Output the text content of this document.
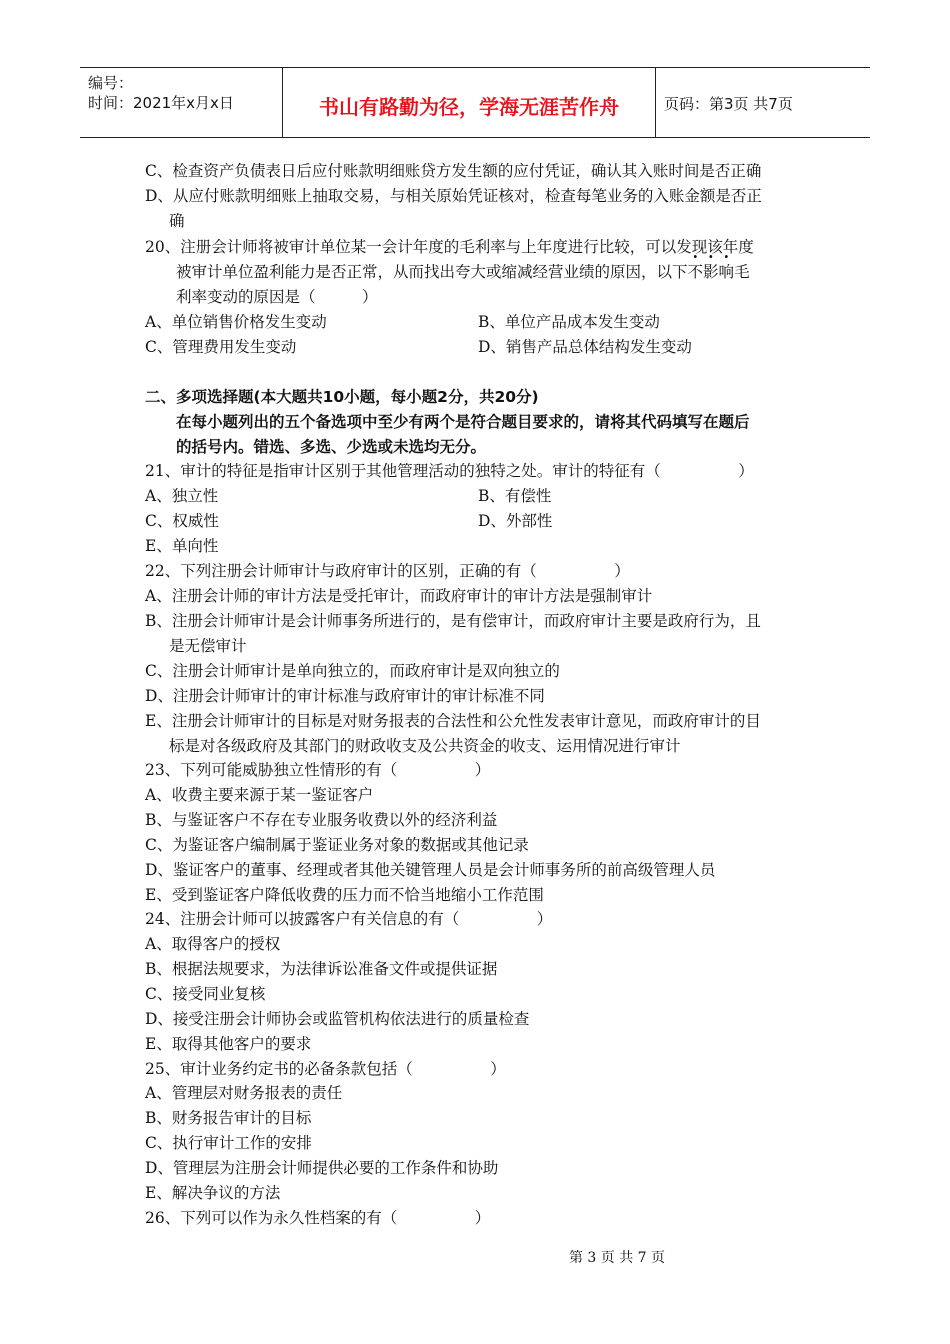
编号：
时间：2021年x月x日	书山有路勤为径，学海无涯苦作舟	页码：第3页 共7页
C、检查资产负债表日后应付账款明细账贷方发生额的应付凭证，确认其入账时间是否正确
D、从应付账款明细账上抽取交易，与相关原始凭证核对，检查每笔业务的入账金额是否正
确
20、注册会计师将被审计单位某一会计年度的毛利率与上年度进行比较，可以发现该年度
被审计单位盈利能力是否正常，从而找出夸大或缩减经营业绩的原因，以下不影响毛
利率变动的原因是（　　　）
A、单位销售价格发生变动	B、单位产品成本发生变动
C、管理费用发生变动	D、销售产品总体结构发生变动
二、多项选择题(本大题共10小题，每小题2分，共20分)
在每小题列出的五个备选项中至少有两个是符合题目要求的，请将其代码填写在题后
的括号内。错选、多选、少选或未选均无分。
21、审计的特征是指审计区别于其他管理活动的独特之处。审计的特征有（　　　　　）
A、独立性	B、有偿性
C、权威性	D、外部性
E、单向性
22、下列注册会计师审计与政府审计的区别，正确的有（　　　　　）
A、注册会计师的审计方法是受托审计，而政府审计的审计方法是强制审计
B、注册会计师审计是会计师事务所进行的，是有偿审计，而政府审计主要是政府行为，且
是无偿审计
C、注册会计师审计是单向独立的，而政府审计是双向独立的
D、注册会计师审计的审计标准与政府审计的审计标准不同
E、注册会计师审计的目标是对财务报表的合法性和公允性发表审计意见，而政府审计的目
标是对各级政府及其部门的财政收支及公共资金的收支、运用情况进行审计
23、下列可能威胁独立性情形的有（　　　　　）
A、收费主要来源于某一鉴证客户
B、与鉴证客户不存在专业服务收费以外的经济利益
C、为鉴证客户编制属于鉴证业务对象的数据或其他记录
D、鉴证客户的董事、经理或者其他关键管理人员是会计师事务所的前高级管理人员
E、受到鉴证客户降低收费的压力而不恰当地缩小工作范围
24、注册会计师可以披露客户有关信息的有（　　　　　）
A、取得客户的授权
B、根据法规要求，为法律诉讼准备文件或提供证据
C、接受同业复核
D、接受注册会计师协会或监管机构依法进行的质量检查
E、取得其他客户的要求
25、审计业务约定书的必备条款包括（　　　　　）
A、管理层对财务报表的责任
B、财务报告审计的目标
C、执行审计工作的安排
D、管理层为注册会计师提供必要的工作条件和协助
E、解决争议的方法
26、下列可以作为永久性档案的有（　　　　　）
第 3 页 共 7 页
